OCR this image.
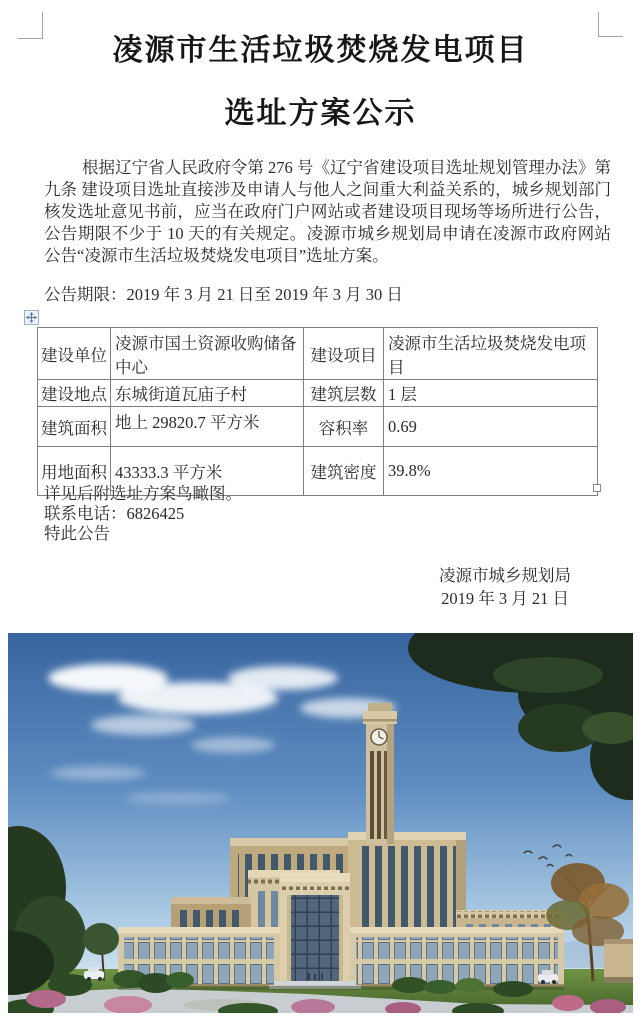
凌源市生活垃圾焚烧发电项目
选址方案公示

根据辽宁省人民政府令第 276 号《辽宁省建设项目选址规划管理办法》第九条 建设项目选址直接涉及申请人与他人之间重大利益关系的，城乡规划部门核发选址意见书前，应当在政府门户网站或者建设项目现场等场所进行公告，公告期限不少于 10 天的有关规定。凌源市城乡规划局申请在凌源市政府网站公告“凌源市生活垃圾焚烧发电项目”选址方案。

公告期限：2019 年 3 月 21 日至 2019 年 3 月 30 日
建设单位	凌源市国土资源收购储备中心	建设项目	凌源市生活垃圾焚烧发电项目
建设地点	东城街道瓦庙子村	建筑层数	1 层
建筑面积	地上 29820.7 平方米	容积率	0.69
用地面积	43333.3 平方米	建筑密度	39.8%
详见后附选址方案鸟瞰图。
联系电话：6826425
特此公告
凌源市城乡规划局
2019 年 3 月 21 日
